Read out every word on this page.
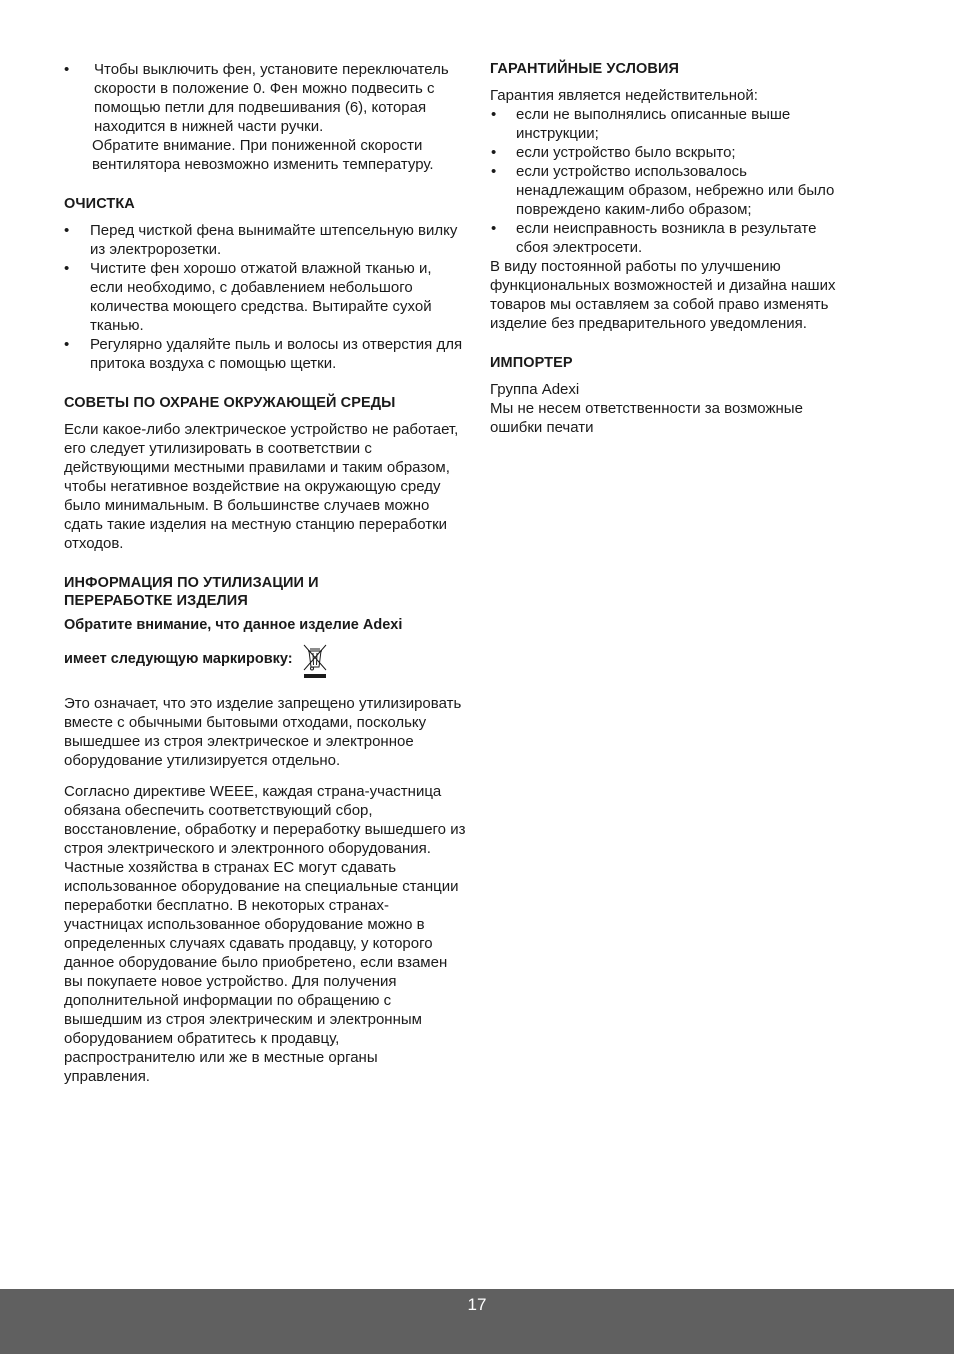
• Чтобы выключить фен, установите переключатель скорости в положение 0. Фен можно подвесить с помощью петли для подвешивания (6), которая находится в нижней части ручки.

Обратите внимание. При пониженной скорости вентилятора невозможно изменить температуру.

ОЧИСТКА
• Перед чисткой фена вынимайте штепсельную вилку из электророзетки.
• Чистите фен хорошо отжатой влажной тканью и, если необходимо, с добавлением небольшого количества моющего средства. Вытирайте сухой тканью.
• Регулярно удаляйте пыль и волосы из отверстия для притока воздуха с помощью щетки.
СОВЕТЫ ПО ОХРАНЕ ОКРУЖАЮЩЕЙ СРЕДЫ

Если какое-либо электрическое устройство не работает, его следует утилизировать в соответствии с действующими местными правилами и таким образом, чтобы негативное воздействие на окружающую среду было минимальным. В большинстве случаев можно сдать такие изделия на местную станцию переработки отходов.

ИНФОРМАЦИЯ ПО УТИЛИЗАЦИИ И
ПЕРЕРАБОТКЕ ИЗДЕЛИЯ

Обратите внимание, что данное изделие Adexi

имеет следующую маркировку:

Это означает, что это изделие запрещено утилизировать вместе с обычными бытовыми отходами, поскольку вышедшее из строя электрическое и электронное оборудование утилизируется отдельно.

Согласно директиве WEEE, каждая страна-участница обязана обеспечить соответствующий сбор, восстановление, обработку и переработку вышедшего из строя электрического и электронного оборудования. Частные хозяйства в странах ЕС могут сдавать использованное оборудование на специальные станции переработки бесплатно. В некоторых странах-участницах использованное оборудование можно в определенных случаях сдавать продавцу, у которого данное оборудование было приобретено, если взамен вы покупаете новое устройство. Для получения дополнительной информации по обращению с вышедшим из строя электрическим и электронным оборудованием обратитесь к продавцу, распространителю или же в местные органы управления.

ГАРАНТИЙНЫЕ УСЛОВИЯ

Гарантия является недействительной:

• если не выполнялись описанные выше инструкции;
• если устройство было вскрыто;
• если устройство использовалось ненадлежащим образом, небрежно или было повреждено каким-либо образом;
• если неисправность возникла в результате сбоя электросети.

В виду постоянной работы по улучшению функциональных возможностей и дизайна наших товаров мы оставляем за собой право изменять изделие без предварительного уведомления.

ИМПОРТЕР

Группа Adexi

Мы не несем ответственности за возможные ошибки печати

17
